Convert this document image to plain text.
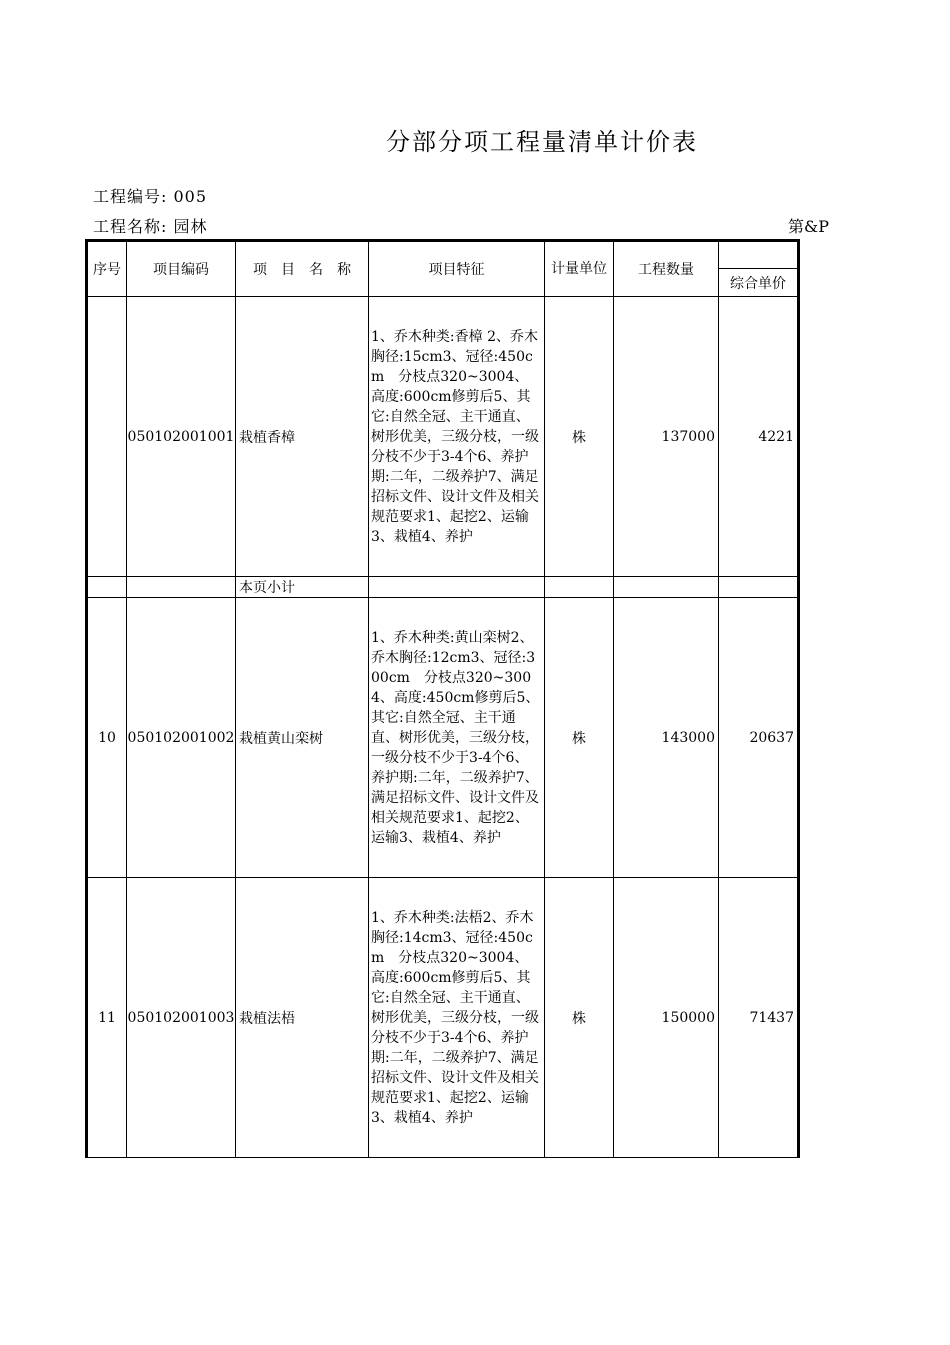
分部分项工程量清单计价表
工程编号: 005
工程名称: 园林	第&P
序号	项目编码	项　目　名　称	项目特征	计量单位	工程数量	
						综合单价
	050102001001	栽植香樟	1、乔木种类:香樟 2、乔木胸径:15cm3、冠径:450cm　分枝点320~3004、高度:600cm修剪后5、其它:自然全冠、主干通直、树形优美，三级分枝，一级分枝不少于3-4个6、养护期:二年，二级养护7、满足招标文件、设计文件及相关规范要求1、起挖2、运输3、栽植4、养护	株	137000	4221
		本页小计				
10	050102001002	栽植黄山栾树	1、乔木种类:黄山栾树2、乔木胸径:12cm3、冠径:300cm　分枝点320~3004、高度:450cm修剪后5、其它:自然全冠、主干通直、树形优美，三级分枝，一级分枝不少于3-4个6、养护期:二年，二级养护7、满足招标文件、设计文件及相关规范要求1、起挖2、运输3、栽植4、养护	株	143000	20637
11	050102001003	栽植法梧	1、乔木种类:法梧2、乔木胸径:14cm3、冠径:450cm　分枝点320~3004、高度:600cm修剪后5、其它:自然全冠、主干通直、树形优美，三级分枝，一级分枝不少于3-4个6、养护期:二年，二级养护7、满足招标文件、设计文件及相关规范要求1、起挖2、运输3、栽植4、养护	株	150000	71437
